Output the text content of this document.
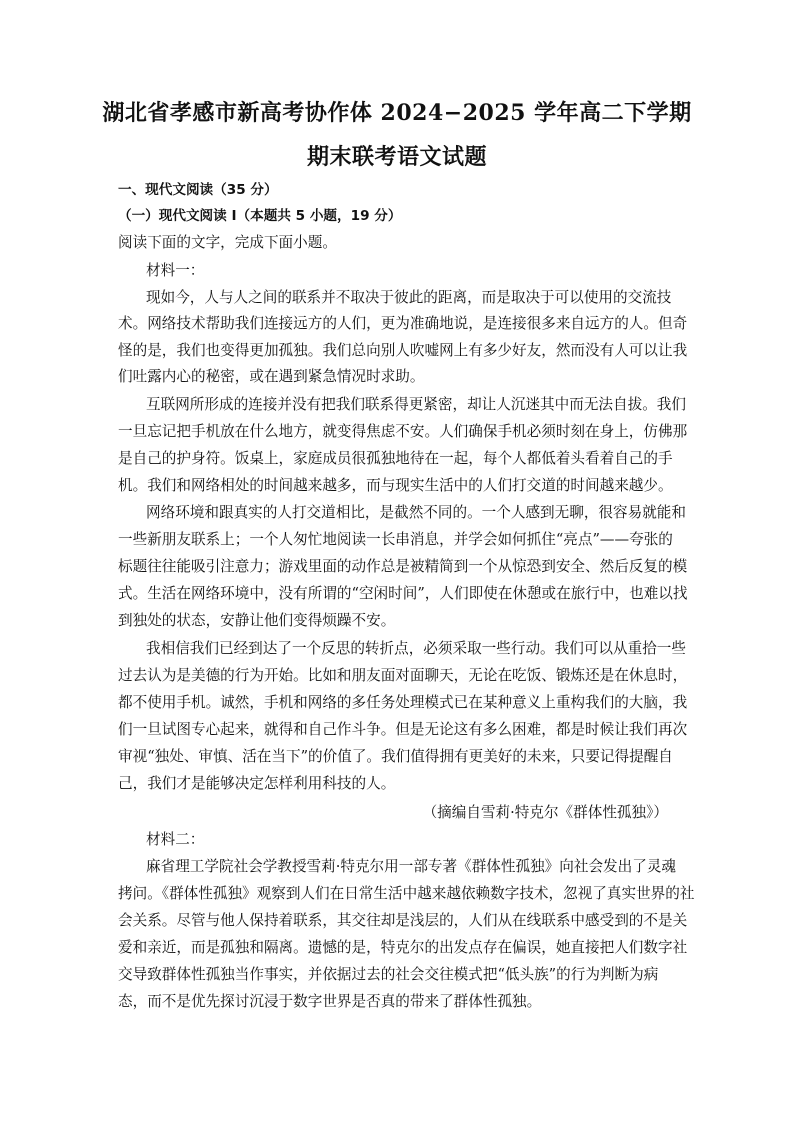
湖北省孝感市新高考协作体 2024−2025 学年高二下学期
期末联考语文试题
一、现代文阅读（35 分）
（一）现代文阅读 I（本题共 5 小题，19 分）
阅读下面的文字，完成下面小题。
材料一：
现如今，人与人之间的联系并不取决于彼此的距离，而是取决于可以使用的交流技
术。网络技术帮助我们连接远方的人们，更为准确地说，是连接很多来自远方的人。但奇
怪的是，我们也变得更加孤独。我们总向别人吹嘘网上有多少好友，然而没有人可以让我
们吐露内心的秘密，或在遇到紧急情况时求助。
互联网所形成的连接并没有把我们联系得更紧密，却让人沉迷其中而无法自拔。我们
一旦忘记把手机放在什么地方，就变得焦虑不安。人们确保手机必须时刻在身上，仿佛那
是自己的护身符。饭桌上，家庭成员很孤独地待在一起，每个人都低着头看着自己的手
机。我们和网络相处的时间越来越多，而与现实生活中的人们打交道的时间越来越少。
网络环境和跟真实的人打交道相比，是截然不同的。一个人感到无聊，很容易就能和
一些新朋友联系上；一个人匆忙地阅读一长串消息，并学会如何抓住“亮点”——夸张的
标题往往能吸引注意力；游戏里面的动作总是被精简到一个从惊恐到安全、然后反复的模
式。生活在网络环境中，没有所谓的“空闲时间”，人们即使在休憩或在旅行中，也难以找
到独处的状态，安静让他们变得烦躁不安。
我相信我们已经到达了一个反思的转折点，必须采取一些行动。我们可以从重拾一些
过去认为是美德的行为开始。比如和朋友面对面聊天，无论在吃饭、锻炼还是在休息时，
都不使用手机。诚然，手机和网络的多任务处理模式已在某种意义上重构我们的大脑，我
们一旦试图专心起来，就得和自己作斗争。但是无论这有多么困难，都是时候让我们再次
审视“独处、审慎、活在当下”的价值了。我们值得拥有更美好的未来，只要记得提醒自
己，我们才是能够决定怎样利用科技的人。
（摘编自雪莉·特克尔《群体性孤独》）
材料二：
麻省理工学院社会学教授雪莉·特克尔用一部专著《群体性孤独》向社会发出了灵魂
拷问。《群体性孤独》观察到人们在日常生活中越来越依赖数字技术，忽视了真实世界的社
会关系。尽管与他人保持着联系，其交往却是浅层的，人们从在线联系中感受到的不是关
爱和亲近，而是孤独和隔离。遗憾的是，特克尔的出发点存在偏误，她直接把人们数字社
交导致群体性孤独当作事实，并依据过去的社会交往模式把“低头族”的行为判断为病
态，而不是优先探讨沉浸于数字世界是否真的带来了群体性孤独。
